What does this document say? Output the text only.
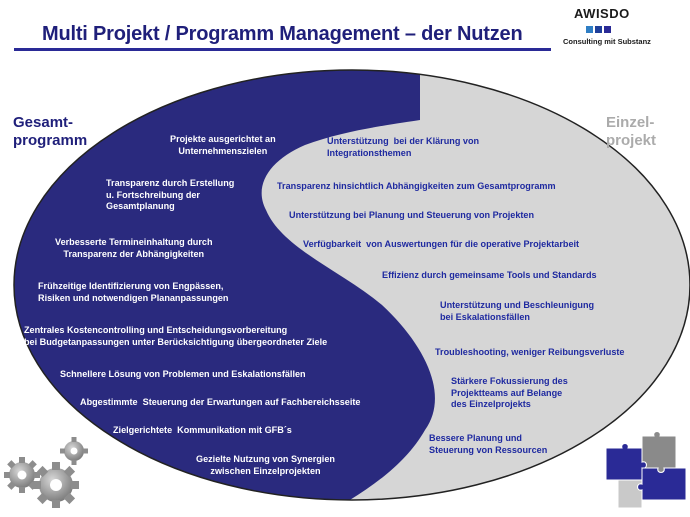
Multi Projekt / Programm Management – der Nutzen
AWISDO
Consulting mit Substanz
Gesamt-
programm
Einzel-
projekt
Projekte ausgerichtet an
Unternehmenszielen
Transparenz durch Erstellung
u. Fortschreibung der
Gesamtplanung
Verbesserte Termineinhaltung durch
Transparenz der Abhängigkeiten
Frühzeitige Identifizierung von Engpässen,
Risiken und notwendigen Plananpassungen
Zentrales Kostencontrolling und Entscheidungsvorbereitung
bei Budgetanpassungen unter Berücksichtigung übergeordneter Ziele
Schnellere Lösung von Problemen und Eskalationsfällen
Abgestimmte  Steuerung der Erwartungen auf Fachbereichsseite
Zielgerichtete  Kommunikation mit GFB´s
Gezielte Nutzung von Synergien
zwischen Einzelprojekten
Unterstützung  bei der Klärung von
Integrationsthemen
Transparenz hinsichtlich Abhängigkeiten zum Gesamtprogramm
Unterstützung bei Planung und Steuerung von Projekten
Verfügbarkeit  von Auswertungen für die operative Projektarbeit
Effizienz durch gemeinsame Tools und Standards
Unterstützung und Beschleunigung
bei Eskalationsfällen
Troubleshooting, weniger Reibungsverluste
Stärkere Fokussierung des
Projektteams auf Belange
des Einzelprojekts
Bessere Planung und
Steuerung von Ressourcen
